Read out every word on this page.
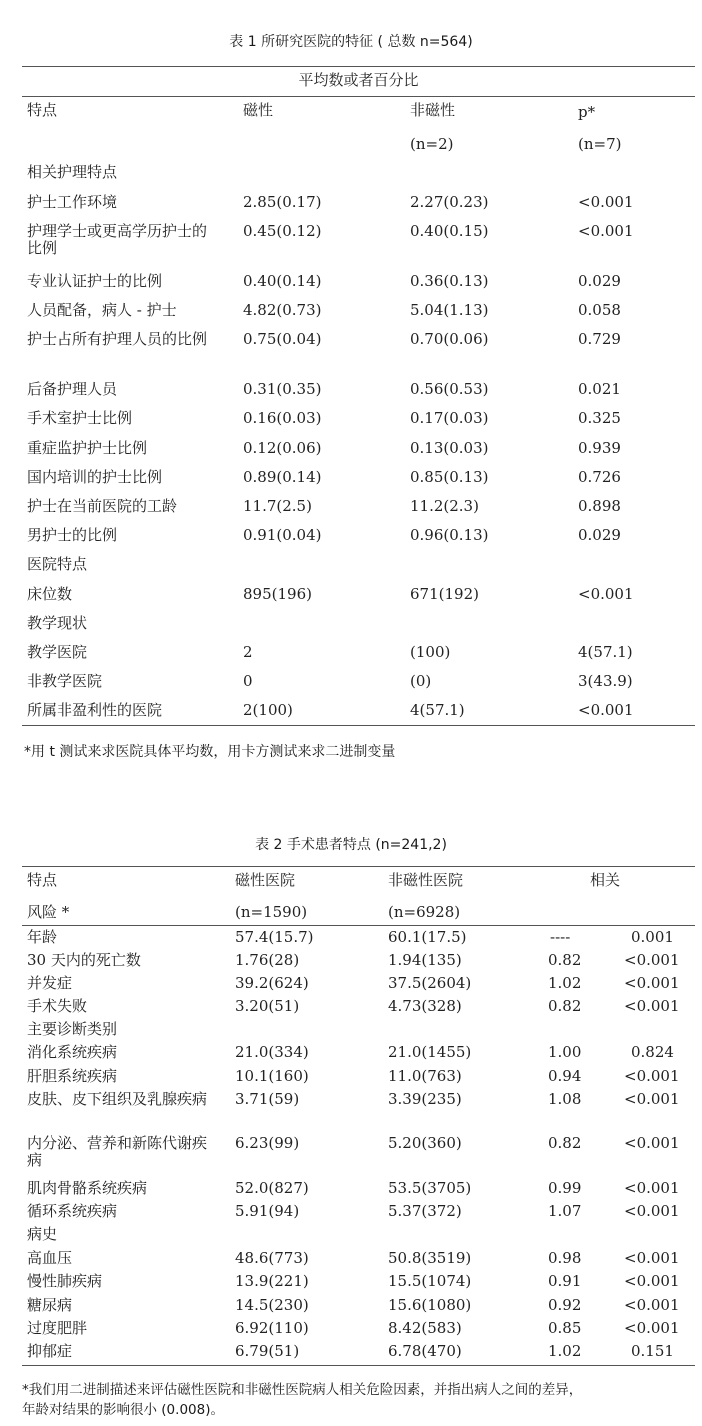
表 1 所研究医院的特征 ( 总数 n=564)
平均数或者百分比
特点	磁性	非磁性	p*
(n=2)	(n=7)
相关护理特点
护士工作环境	2.85(0.17)	2.27(0.23)	<0.001
护理学士或更高学历护士的比例
0.45(0.12)	0.40(0.15)	<0.001
专业认证护士的比例	0.40(0.14)	0.36(0.13)	0.029
人员配备，病人 - 护士	4.82(0.73)	5.04(1.13)	0.058
护士占所有护理人员的比例 0.75(0.04)	0.70(0.06)	0.729
后备护理人员	0.31(0.35)	0.56(0.53)	0.021
手术室护士比例	0.16(0.03)	0.17(0.03)	0.325
重症监护护士比例	0.12(0.06)	0.13(0.03)	0.939
国内培训的护士比例	0.89(0.14)	0.85(0.13)	0.726
护士在当前医院的工龄	11.7(2.5)	11.2(2.3)	0.898
男护士的比例	0.91(0.04)	0.96(0.13)	0.029
医院特点
床位数	895(196)	671(192)	<0.001
教学现状
教学医院	2	(100)	4(57.1)
非教学医院	0	(0)	3(43.9)
所属非盈利性的医院	2(100)	4(57.1)	<0.001
*用 t 测试来求医院具体平均数，用卡方测试来求二进制变量
表 2 手术患者特点 (n=241,2)
特点	磁性医院	非磁性医院	相关
风险 *	(n=1590)	(n=6928)
年龄	57.4(15.7)	60.1(17.5)	----	0.001
30 天内的死亡数	1.76(28)	1.94(135)	0.82	<0.001
并发症	39.2(624)	37.5(2604)	1.02	<0.001
手术失败	3.20(51)	4.73(328)	0.82	<0.001
主要诊断类别
消化系统疾病	21.0(334)	21.0(1455)	1.00	0.824
肝胆系统疾病	10.1(160)	11.0(763)	0.94	<0.001
皮肤、皮下组织及乳腺疾病	3.71(59)	3.39(235)	1.08	<0.001
内分泌、营养和新陈代谢疾病
6.23(99)	5.20(360)	0.82	<0.001
肌肉骨骼系统疾病	52.0(827)	53.5(3705)	0.99	<0.001
循环系统疾病	5.91(94)	5.37(372)	1.07	<0.001
病史
高血压	48.6(773)	50.8(3519)	0.98	<0.001
慢性肺疾病	13.9(221)	15.5(1074)	0.91	<0.001
糖尿病	14.5(230)	15.6(1080)	0.92	<0.001
过度肥胖	6.92(110)	8.42(583)	0.85	<0.001
抑郁症	6.79(51)	6.78(470)	1.02	0.151
*我们用二进制描述来评估磁性医院和非磁性医院病人相关危险因素，并指出病人之间的差异，
年龄对结果的影响很小 (0.008)。
